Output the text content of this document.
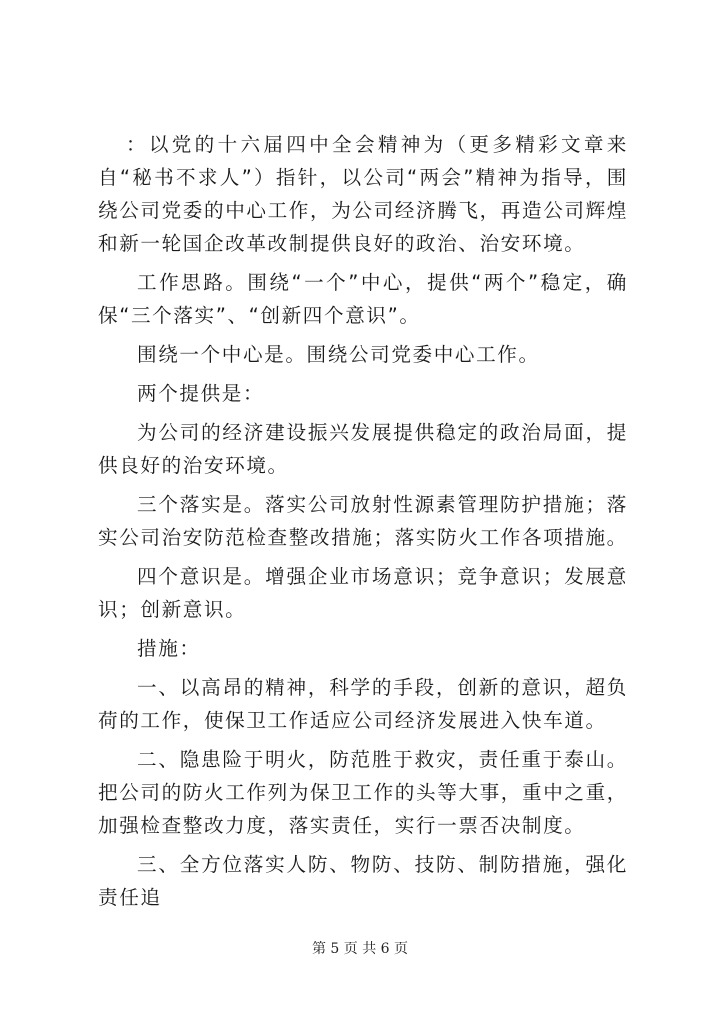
：以党的十六届四中全会精神为（更多精彩文章来自“秘书不求人”）指针，以公司“两会”精神为指导，围绕公司党委的中心工作，为公司经济腾飞，再造公司辉煌和新一轮国企改革改制提供良好的政治、治安环境。

工作思路。围绕“一个”中心，提供“两个”稳定，确保“三个落实”、“创新四个意识”。

围绕一个中心是。围绕公司党委中心工作。

两个提供是：

为公司的经济建设振兴发展提供稳定的政治局面，提供良好的治安环境。

三个落实是。落实公司放射性源素管理防护措施；落实公司治安防范检查整改措施；落实防火工作各项措施。

四个意识是。增强企业市场意识；竞争意识；发展意识；创新意识。

措施：

一、以高昂的精神，科学的手段，创新的意识，超负荷的工作，使保卫工作适应公司经济发展进入快车道。

二、隐患险于明火，防范胜于救灾，责任重于泰山。把公司的防火工作列为保卫工作的头等大事，重中之重，加强检查整改力度，落实责任，实行一票否决制度。

三、全方位落实人防、物防、技防、制防措施，强化责任追

第 5 页 共 6 页
